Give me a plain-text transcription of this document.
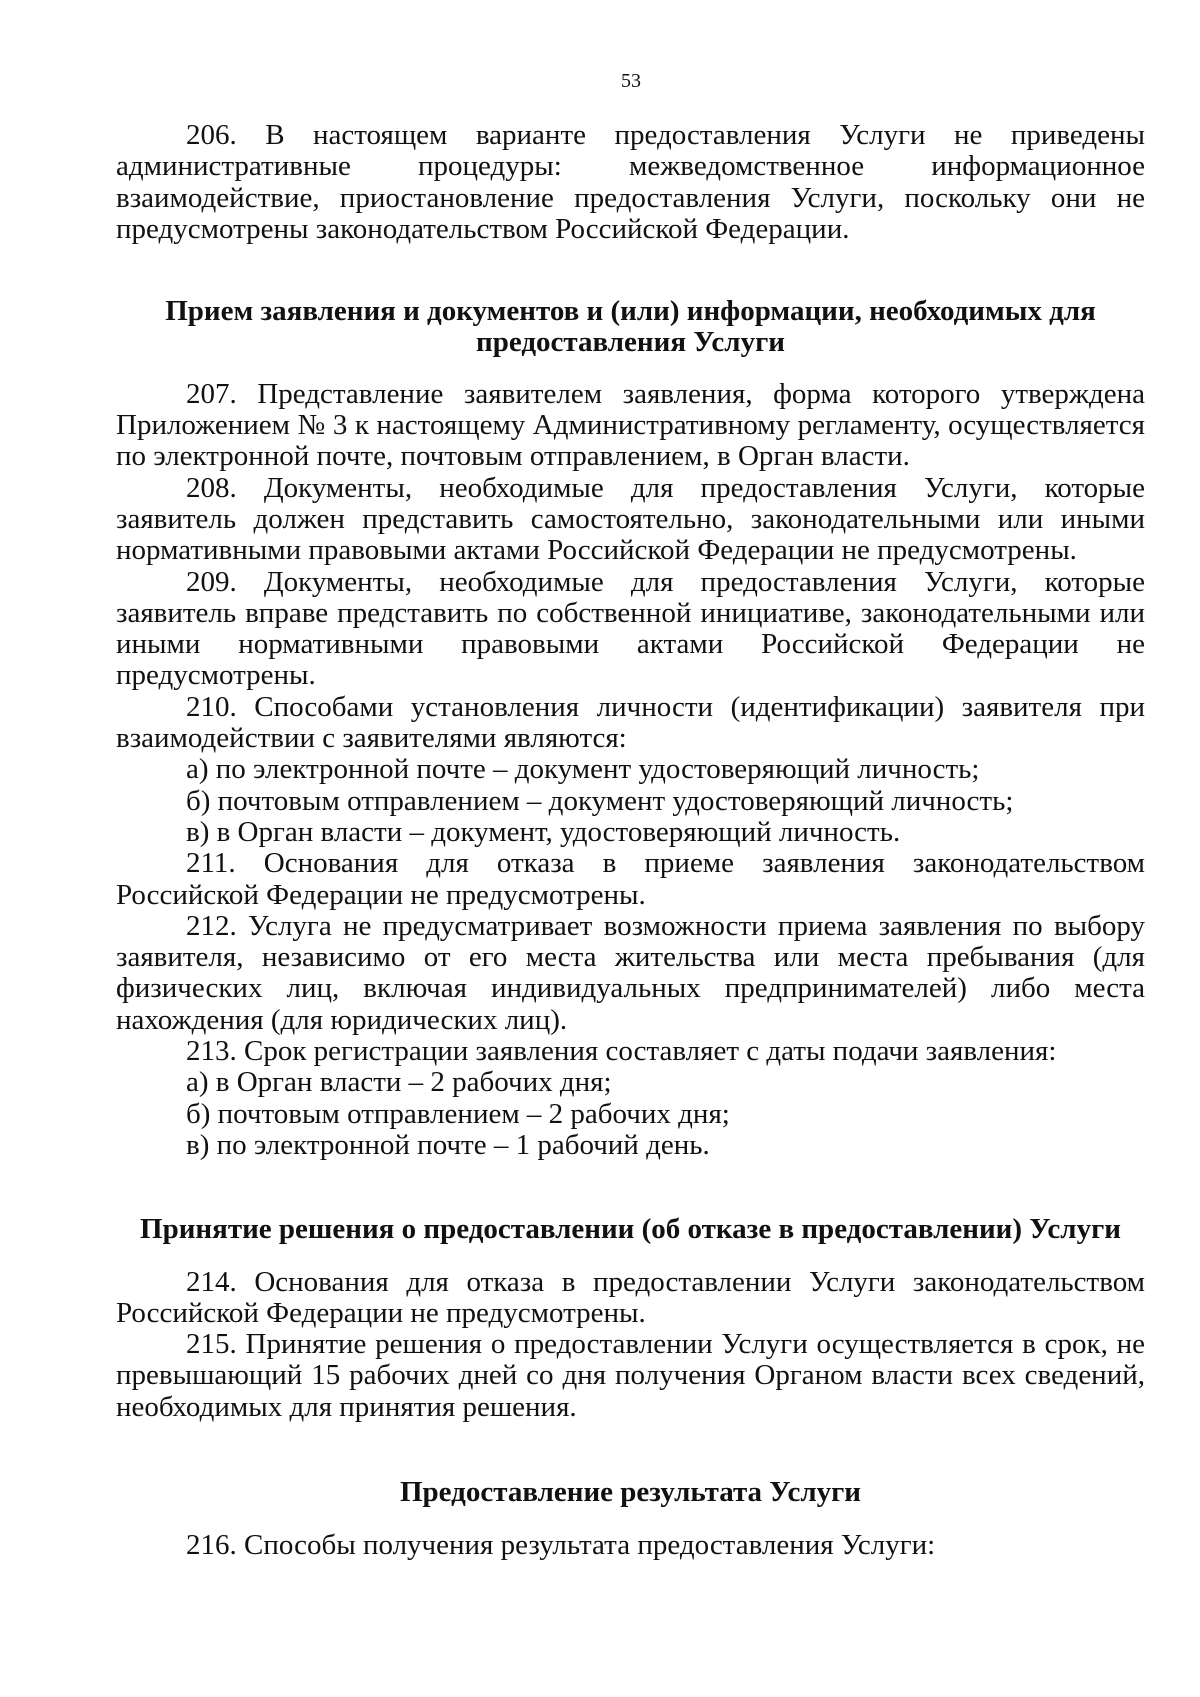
53

206. В настоящем варианте предоставления Услуги не приведены административные процедуры: межведомственное информационное взаимодействие, приостановление предоставления Услуги, поскольку они не предусмотрены законодательством Российской Федерации.

Прием заявления и документов и (или) информации, необходимых для предоставления Услуги

207. Представление заявителем заявления, форма которого утверждена Приложением № 3 к настоящему Административному регламенту, осуществляется по электронной почте, почтовым отправлением, в Орган власти.

208. Документы, необходимые для предоставления Услуги, которые заявитель должен представить самостоятельно, законодательными или иными нормативными правовыми актами Российской Федерации не предусмотрены.

209. Документы, необходимые для предоставления Услуги, которые заявитель вправе представить по собственной инициативе, законодательными или иными нормативными правовыми актами Российской Федерации не предусмотрены.

210. Способами установления личности (идентификации) заявителя при взаимодействии с заявителями являются:

а) по электронной почте – документ удостоверяющий личность;

б) почтовым отправлением – документ удостоверяющий личность;

в) в Орган власти – документ, удостоверяющий личность.

211. Основания для отказа в приеме заявления законодательством Российской Федерации не предусмотрены.

212. Услуга не предусматривает возможности приема заявления по выбору заявителя, независимо от его места жительства или места пребывания (для физических лиц, включая индивидуальных предпринимателей) либо места нахождения (для юридических лиц).

213. Срок регистрации заявления составляет с даты подачи заявления:

а) в Орган власти – 2 рабочих дня;

б) почтовым отправлением – 2 рабочих дня;

в) по электронной почте – 1 рабочий день.

Принятие решения о предоставлении (об отказе в предоставлении) Услуги

214. Основания для отказа в предоставлении Услуги законодательством Российской Федерации не предусмотрены.

215. Принятие решения о предоставлении Услуги осуществляется в срок, не превышающий 15 рабочих дней со дня получения Органом власти всех сведений, необходимых для принятия решения.

Предоставление результата Услуги

216. Способы получения результата предоставления Услуги:
